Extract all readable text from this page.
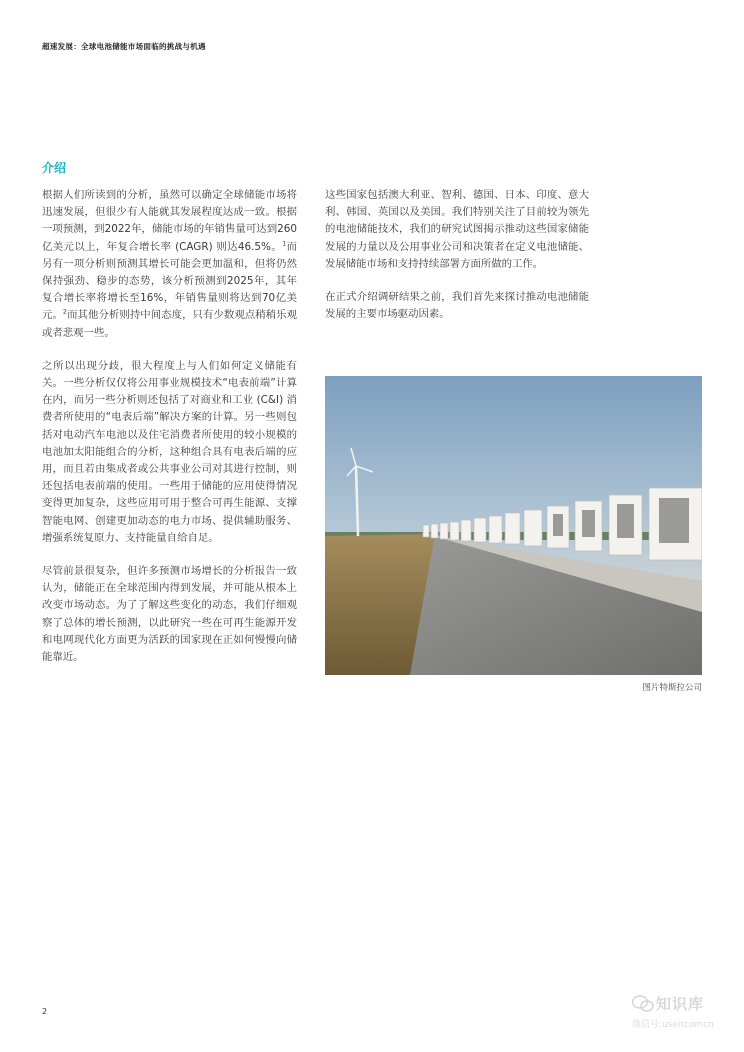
超速发展：全球电池储能市场面临的挑战与机遇
介绍

根据人们所读到的分析，虽然可以确定全球储能市场将迅速发展，但很少有人能就其发展程度达成一致。根据一项预测，到2022年，储能市场的年销售量可达到260亿美元以上，年复合增长率 (CAGR) 则达46.5%。$^1$而另有一项分析则预测其增长可能会更加温和，但将仍然保持强劲、稳步的态势，该分析预测到2025年，其年复合增长率将增长至16%，年销售量则将达到70亿美元。$^2$而其他分析则持中间态度，只有少数观点稍稍乐观或者悲观一些。

之所以出现分歧，很大程度上与人们如何定义储能有关。一些分析仅仅将公用事业规模技术“电表前端”计算在内，而另一些分析则还包括了对商业和工业 (C&I) 消费者所使用的“电表后端”解决方案的计算。另一些则包括对电动汽车电池以及住宅消费者所使用的较小规模的电池加太阳能组合的分析，这种组合具有电表后端的应用，而且若由集成者或公共事业公司对其进行控制，则还包括电表前端的使用。一些用于储能的应用使得情况变得更加复杂，这些应用可用于整合可再生能源、支撑智能电网、创建更加动态的电力市场、提供辅助服务、增强系统复原力、支持能量自给自足。

尽管前景很复杂，但许多预测市场增长的分析报告一致认为，储能正在全球范围内得到发展，并可能从根本上改变市场动态。为了了解这些变化的动态，我们仔细观察了总体的增长预测，以此研究一些在可再生能源开发和电网现代化方面更为活跃的国家现在正如何慢慢向储能靠近。

这些国家包括澳大利亚、智利、德国、日本、印度、意大利、韩国、英国以及美国。我们特别关注了目前较为领先的电池储能技术，我们的研究试图揭示推动这些国家储能发展的力量以及公用事业公司和决策者在定义电池储能、发展储能市场和支持持续部署方面所做的工作。

在正式介绍调研结果之前，我们首先来探讨推动电池储能发展的主要市场驱动因素。

图片特斯拉公司
2	知识库
微信号:useitcomcn
